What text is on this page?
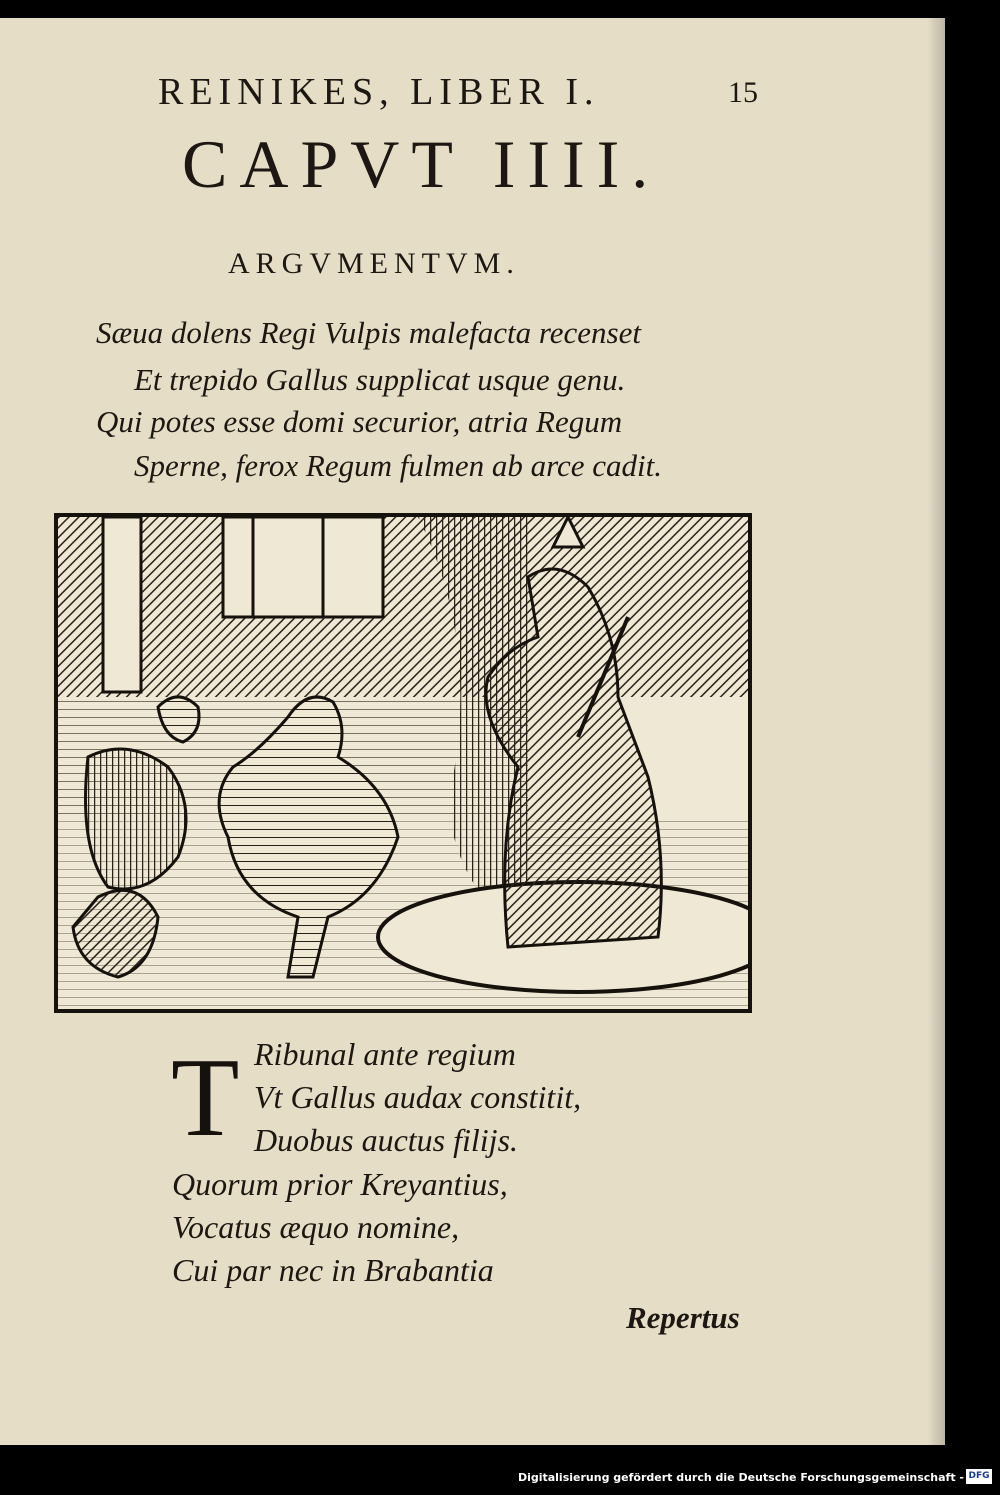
REINIKES, LIBER I.	15
CAPVT IIII.
ARGVMENTVM.
Sæua dolens Regi Vulpis malefacta recenset
Et trepido Gallus supplicat usque genu.
Qui potes esse domi securior, atria Regum
Sperne, ferox Regum fulmen ab arce cadit.
T Ribunal ante regium
Vt Gallus audax constitit,
Duobus auctus filijs.
Quorum prior Kreyantius,
Vocatus æquo nomine,
Cui par nec in Brabantia
Repertus
Digitalisierung gefördert durch die Deutsche Forschungsgemeinschaft - DFG
